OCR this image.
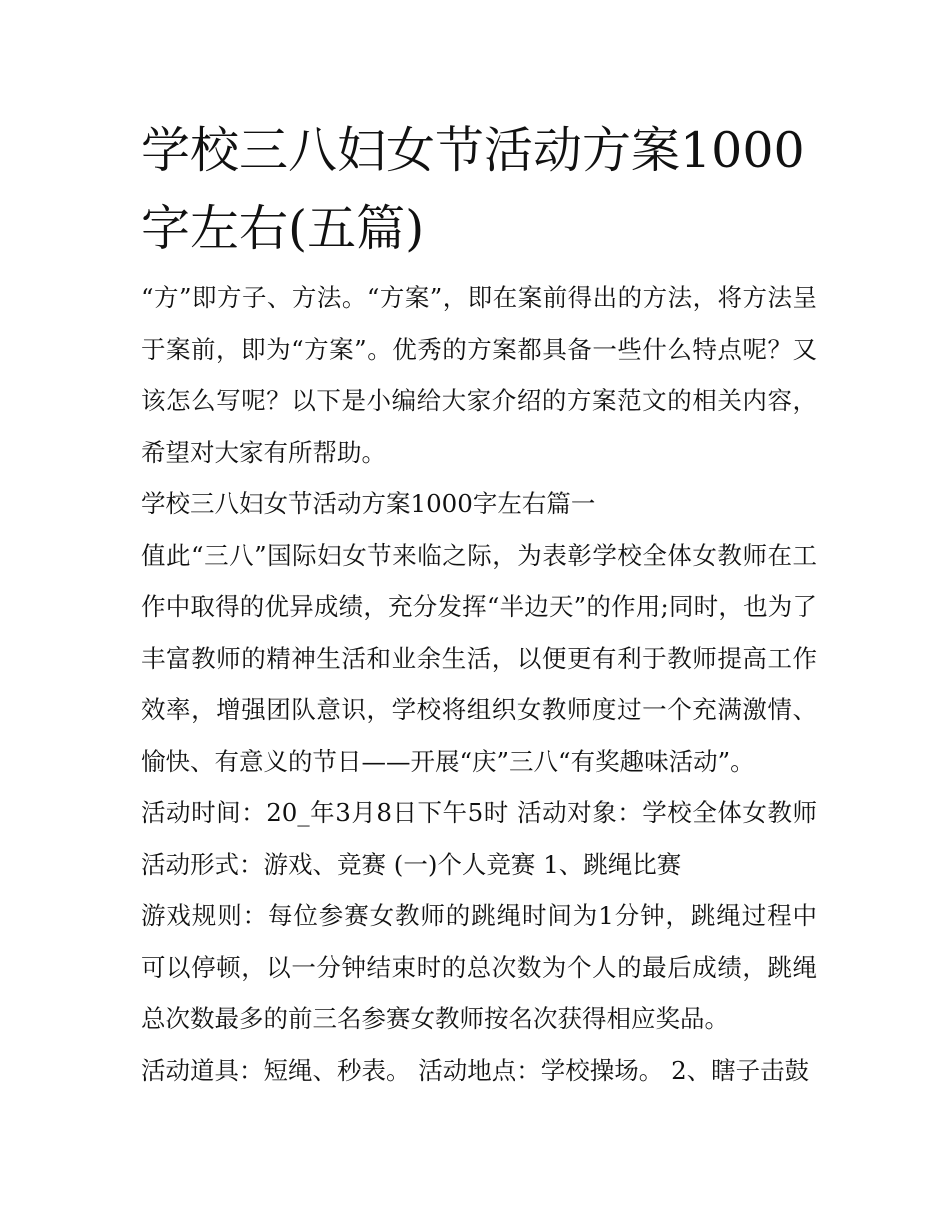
学校三八妇女节活动方案1000
字左右(五篇)

“方”即方子、方法。“方案”，即在案前得出的方法，将方法呈于案前，即为“方案”。优秀的方案都具备一些什么特点呢？又该怎么写呢？以下是小编给大家介绍的方案范文的相关内容，希望对大家有所帮助。

学校三八妇女节活动方案1000字左右篇一

值此“三八”国际妇女节来临之际，为表彰学校全体女教师在工作中取得的优异成绩，充分发挥“半边天”的作用;同时，也为了丰富教师的精神生活和业余生活，以便更有利于教师提高工作效率，增强团队意识，学校将组织女教师度过一个充满激情、愉快、有意义的节日——开展“庆”三八“有奖趣味活动”。

活动时间：20_年3月8日下午5时 活动对象：学校全体女教师 活动形式：游戏、竞赛 (一)个人竞赛 1、跳绳比赛

游戏规则：每位参赛女教师的跳绳时间为1分钟，跳绳过程中可以停顿，以一分钟结束时的总次数为个人的最后成绩，跳绳总次数最多的前三名参赛女教师按名次获得相应奖品。

活动道具：短绳、秒表。 活动地点：学校操场。 2、瞎子击鼓
